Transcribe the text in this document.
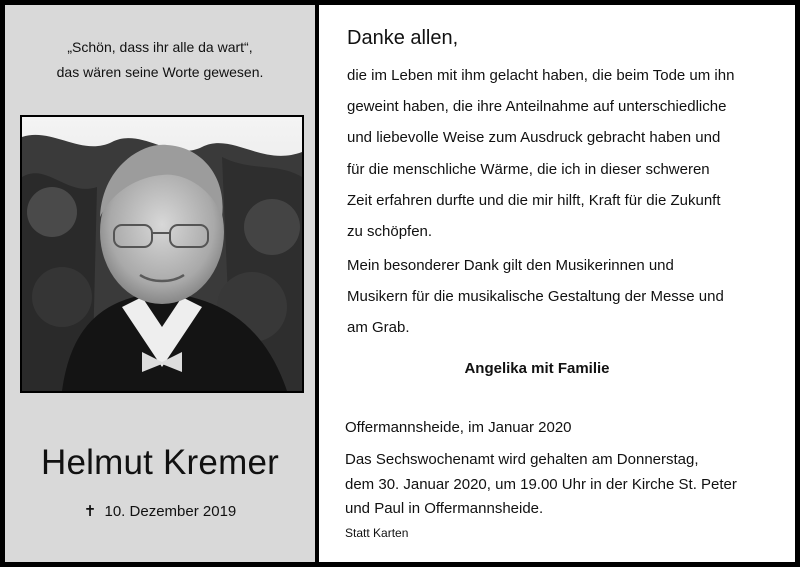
„Schön, dass ihr alle da wart“,
das wären seine Worte gewesen.
Helmut Kremer
✝ 10. Dezember 2019
Danke allen,
die im Leben mit ihm gelacht haben, die beim Tode um ihn
geweint haben, die ihre Anteilnahme auf unterschiedliche
und liebevolle Weise zum Ausdruck gebracht haben und
für die menschliche Wärme, die ich in dieser schweren
Zeit erfahren durfte und die mir hilft, Kraft für die Zukunft
zu schöpfen.
Mein besonderer Dank gilt den Musikerinnen und
Musikern für die musikalische Gestaltung der Messe und
am Grab.
Angelika mit Familie
Offermannsheide, im Januar 2020
Das Sechswochenamt wird gehalten am Donnerstag,
dem 30. Januar 2020, um 19.00 Uhr in der Kirche St. Peter
und Paul in Offermannsheide.
Statt Karten
